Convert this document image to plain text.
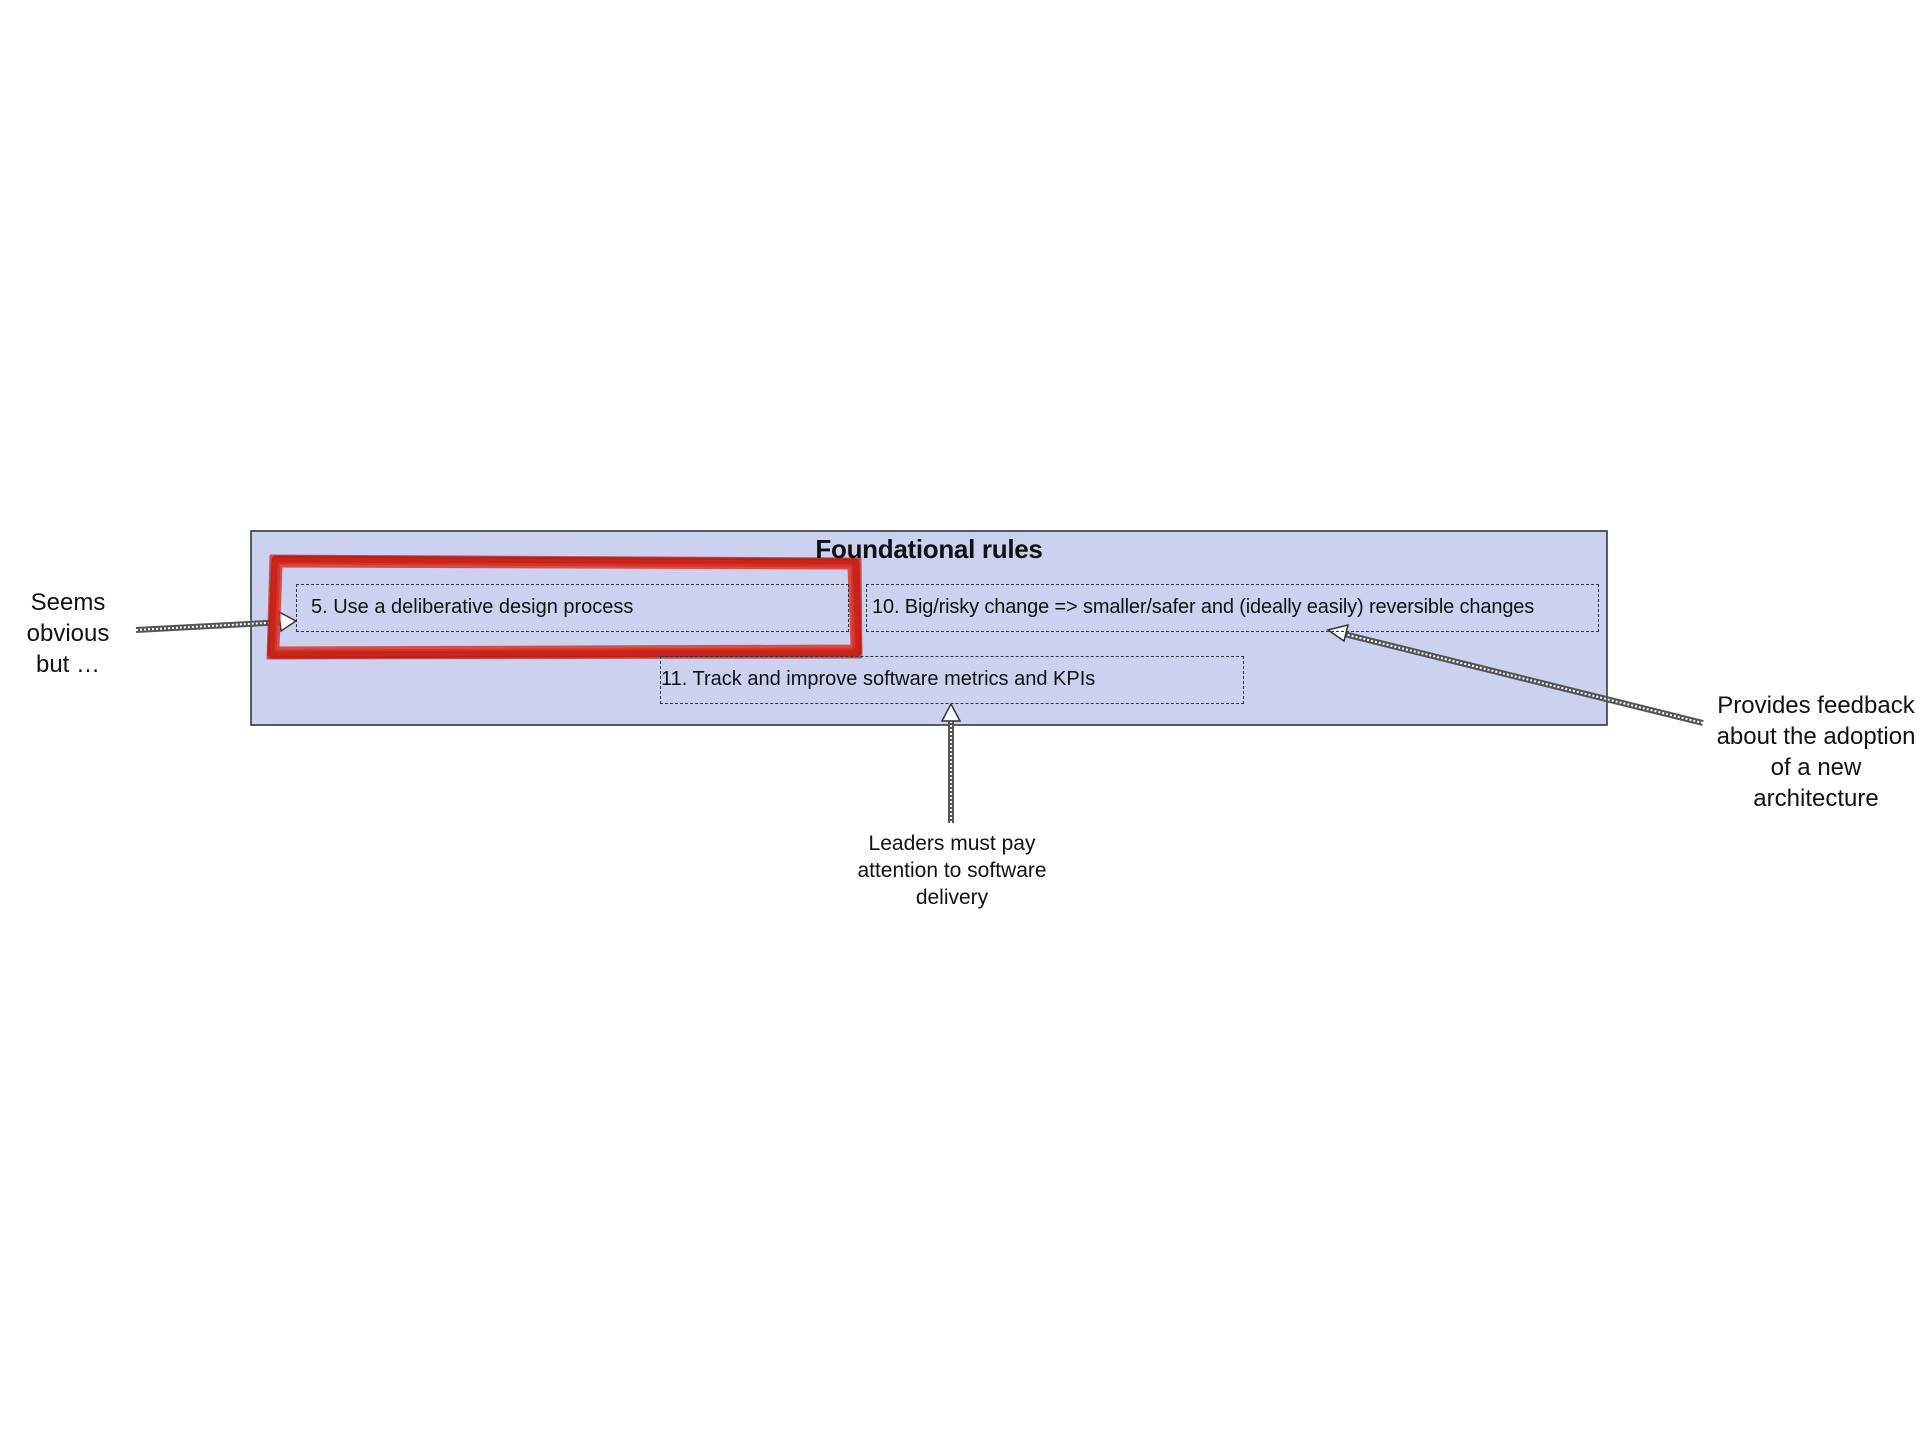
Foundational rules
5. Use a deliberative design process	10. Big/risky change => smaller/safer and (ideally easily) reversible changes
11. Track and improve software metrics and KPIs
Seems obvious but …
Leaders must pay attention to software delivery
Provides feedback about the adoption of a new architecture
